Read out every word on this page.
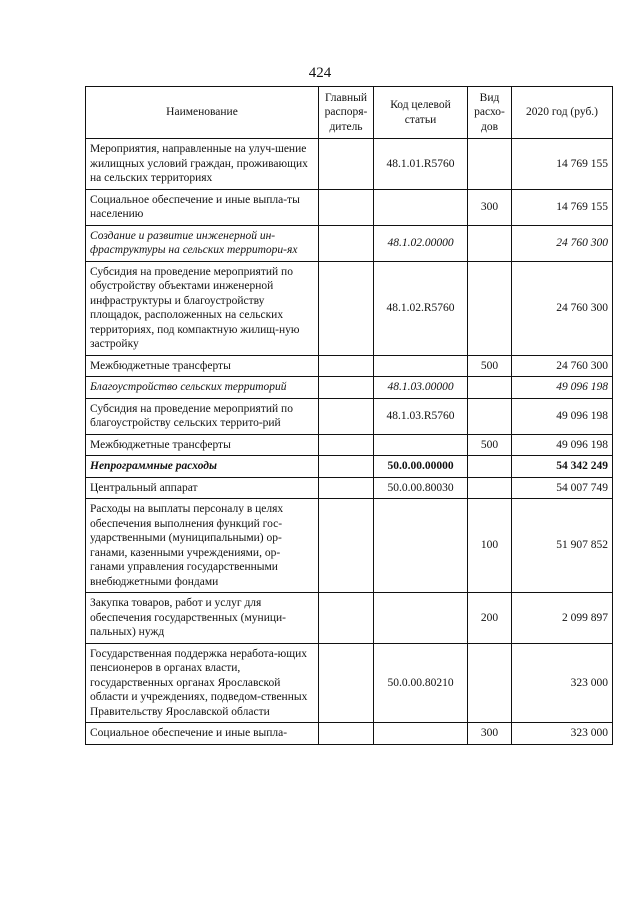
424
Наименование	Главный распоря-дитель	Код целевой статьи	Вид расхо-дов	2020 год (руб.)
Мероприятия, направленные на улуч-шение жилищных условий граждан, проживающих на сельских территориях		48.1.01.R5760		14 769 155
Социальное обеспечение и иные выпла-ты населению			300	14 769 155
Создание и развитие инженерной ин-фраструктуры на сельских территори-ях		48.1.02.00000		24 760 300
Субсидия на проведение мероприятий по обустройству объектами инженерной инфраструктуры и благоустройству площадок, расположенных на сельских территориях, под компактную жилищ-ную застройку		48.1.02.R5760		24 760 300
Межбюджетные трансферты			500	24 760 300
Благоустройство сельских территорий		48.1.03.00000		49 096 198
Субсидия на проведение мероприятий по благоустройству сельских террито-рий		48.1.03.R5760		49 096 198
Межбюджетные трансферты			500	49 096 198
Непрограммные расходы		50.0.00.00000		54 342 249
Центральный аппарат		50.0.00.80030		54 007 749
Расходы на выплаты персоналу в целях обеспечения выполнения функций гос-ударственными (муниципальными) ор-ганами, казенными учреждениями, ор-ганами управления государственными внебюджетными фондами			100	51 907 852
Закупка товаров, работ и услуг для обеспечения государственных (муници-пальных) нужд			200	2 099 897
Государственная поддержка неработа-ющих пенсионеров в органах власти, государственных органах Ярославской области и учреждениях, подведом-ственных Правительству Ярославской области		50.0.00.80210		323 000
Социальное обеспечение и иные выпла-			300	323 000
